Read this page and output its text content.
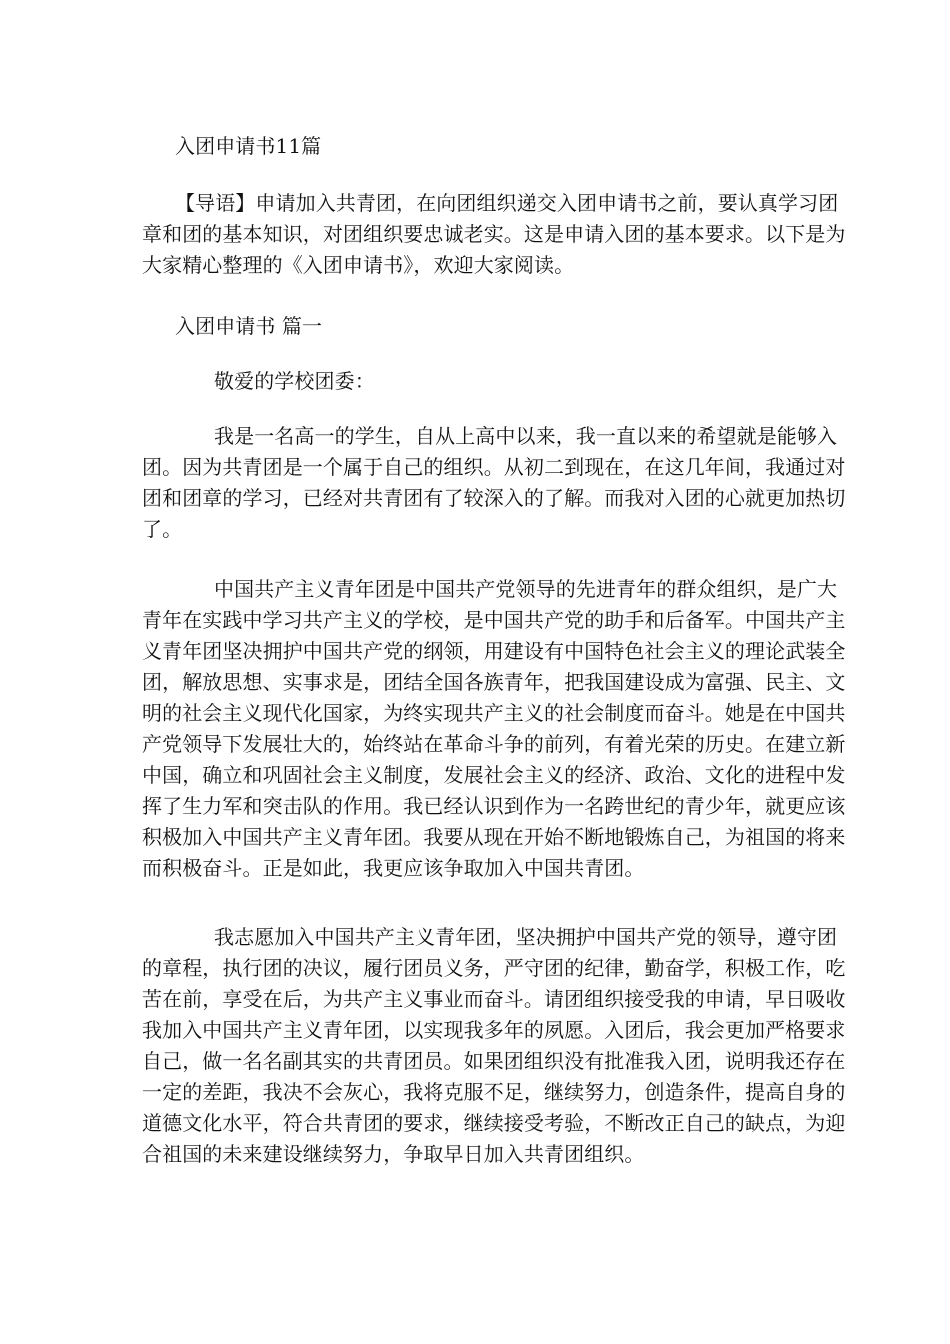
入团申请书11篇
【导语】申请加入共青团，在向团组织递交入团申请书之前，要认真学习团
章和团的基本知识，对团组织要忠诚老实。这是申请入团的基本要求。以下是为
大家精心整理的《入团申请书》，欢迎大家阅读。
入团申请书 篇一
敬爱的学校团委：
我是一名高一的学生，自从上高中以来，我一直以来的希望就是能够入
团。因为共青团是一个属于自己的组织。从初二到现在，在这几年间，我通过对
团和团章的学习，已经对共青团有了较深入的了解。而我对入团的心就更加热切
了。
中国共产主义青年团是中国共产党领导的先进青年的群众组织，是广大
青年在实践中学习共产主义的学校，是中国共产党的助手和后备军。中国共产主
义青年团坚决拥护中国共产党的纲领，用建设有中国特色社会主义的理论武装全
团，解放思想、实事求是，团结全国各族青年，把我国建设成为富强、民主、文
明的社会主义现代化国家，为终实现共产主义的社会制度而奋斗。她是在中国共
产党领导下发展壮大的，始终站在革命斗争的前列，有着光荣的历史。在建立新
中国，确立和巩固社会主义制度，发展社会主义的经济、政治、文化的进程中发
挥了生力军和突击队的作用。我已经认识到作为一名跨世纪的青少年，就更应该
积极加入中国共产主义青年团。我要从现在开始不断地锻炼自己，为祖国的将来
而积极奋斗。正是如此，我更应该争取加入中国共青团。
我志愿加入中国共产主义青年团，坚决拥护中国共产党的领导，遵守团
的章程，执行团的决议，履行团员义务，严守团的纪律，勤奋学，积极工作，吃
苦在前，享受在后，为共产主义事业而奋斗。请团组织接受我的申请，早日吸收
我加入中国共产主义青年团，以实现我多年的夙愿。入团后，我会更加严格要求
自己，做一名名副其实的共青团员。如果团组织没有批准我入团，说明我还存在
一定的差距，我决不会灰心，我将克服不足，继续努力，创造条件，提高自身的
道德文化水平，符合共青团的要求，继续接受考验，不断改正自己的缺点，为迎
合祖国的未来建设继续努力，争取早日加入共青团组织。
